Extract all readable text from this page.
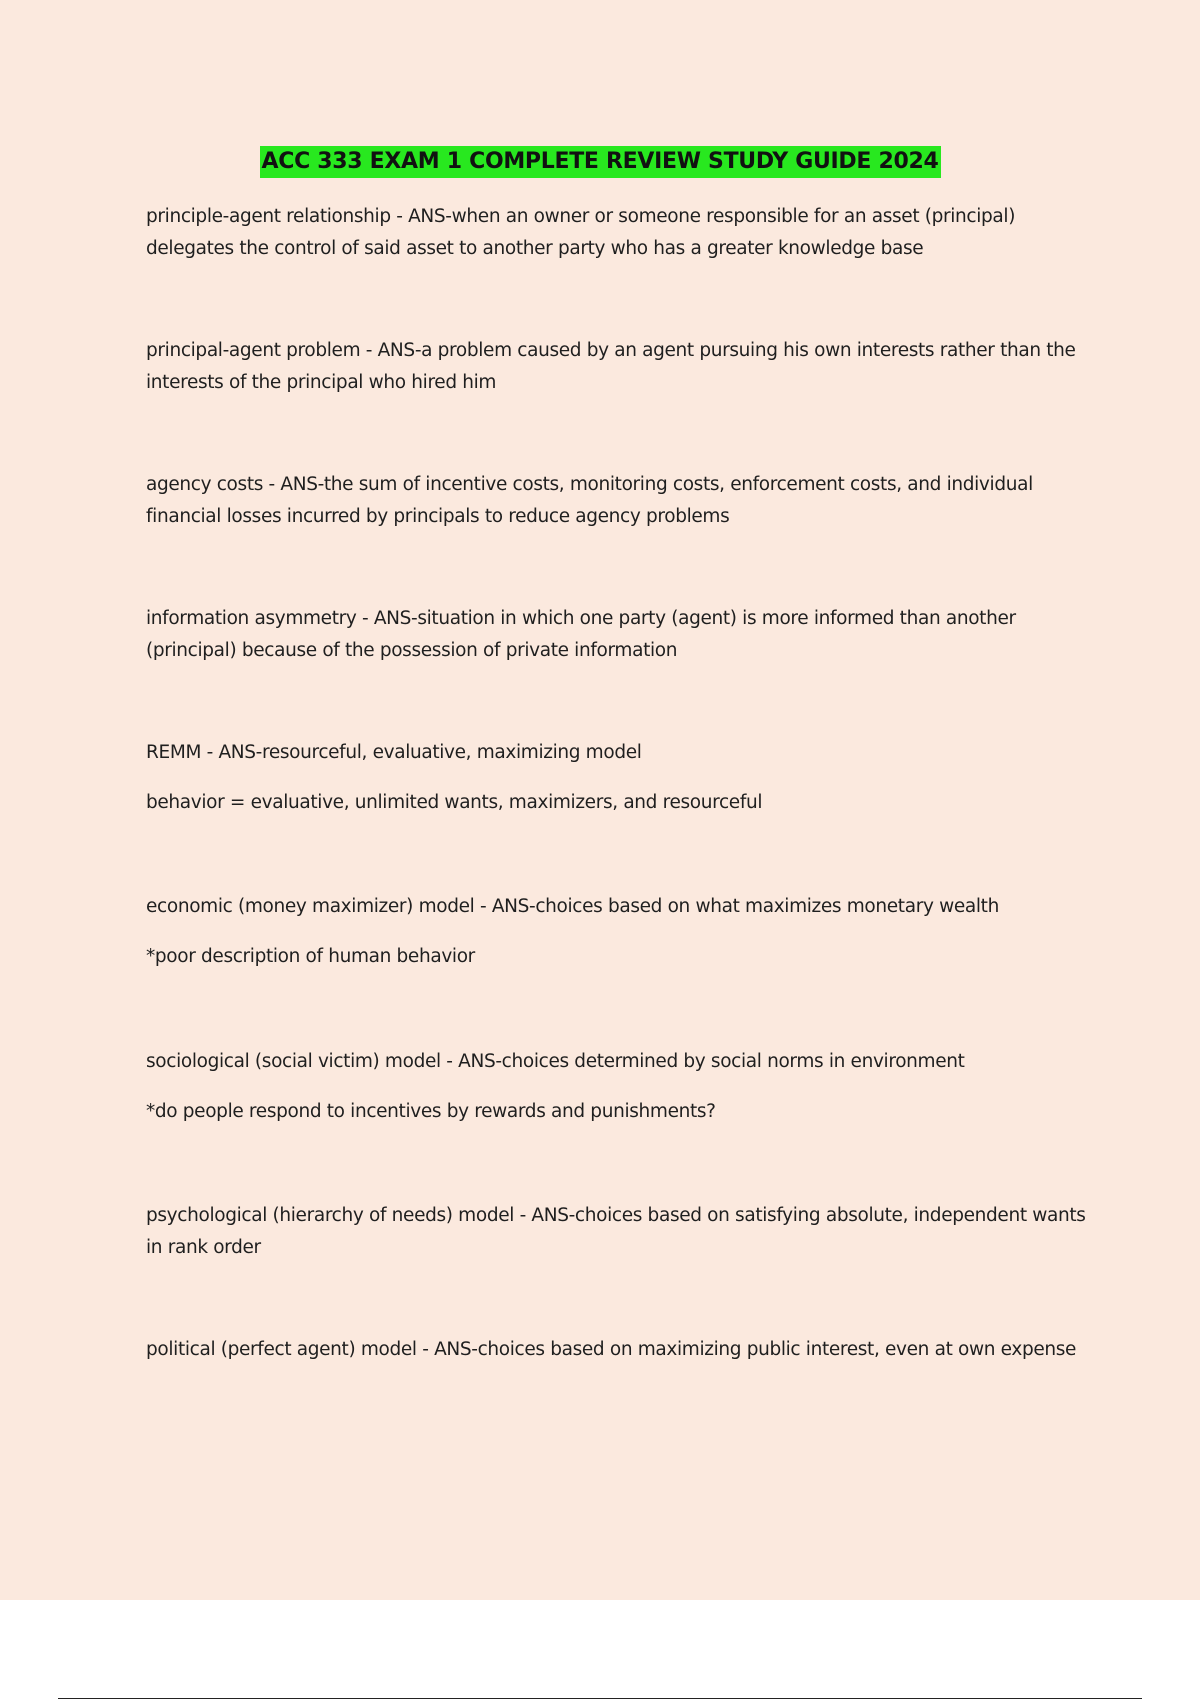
ACC 333 EXAM 1 COMPLETE REVIEW STUDY GUIDE 2024

principle-agent relationship - ANS-when an owner or someone responsible for an asset (principal) delegates the control of said asset to another party who has a greater knowledge base

principal-agent problem - ANS-a problem caused by an agent pursuing his own interests rather than the interests of the principal who hired him

agency costs - ANS-the sum of incentive costs, monitoring costs, enforcement costs, and individual financial losses incurred by principals to reduce agency problems

information asymmetry - ANS-situation in which one party (agent) is more informed than another (principal) because of the possession of private information

REMM - ANS-resourceful, evaluative, maximizing model

behavior = evaluative, unlimited wants, maximizers, and resourceful

economic (money maximizer) model - ANS-choices based on what maximizes monetary wealth

*poor description of human behavior

sociological (social victim) model - ANS-choices determined by social norms in environment

*do people respond to incentives by rewards and punishments?

psychological (hierarchy of needs) model - ANS-choices based on satisfying absolute, independent wants in rank order

political (perfect agent) model - ANS-choices based on maximizing public interest, even at own expense
